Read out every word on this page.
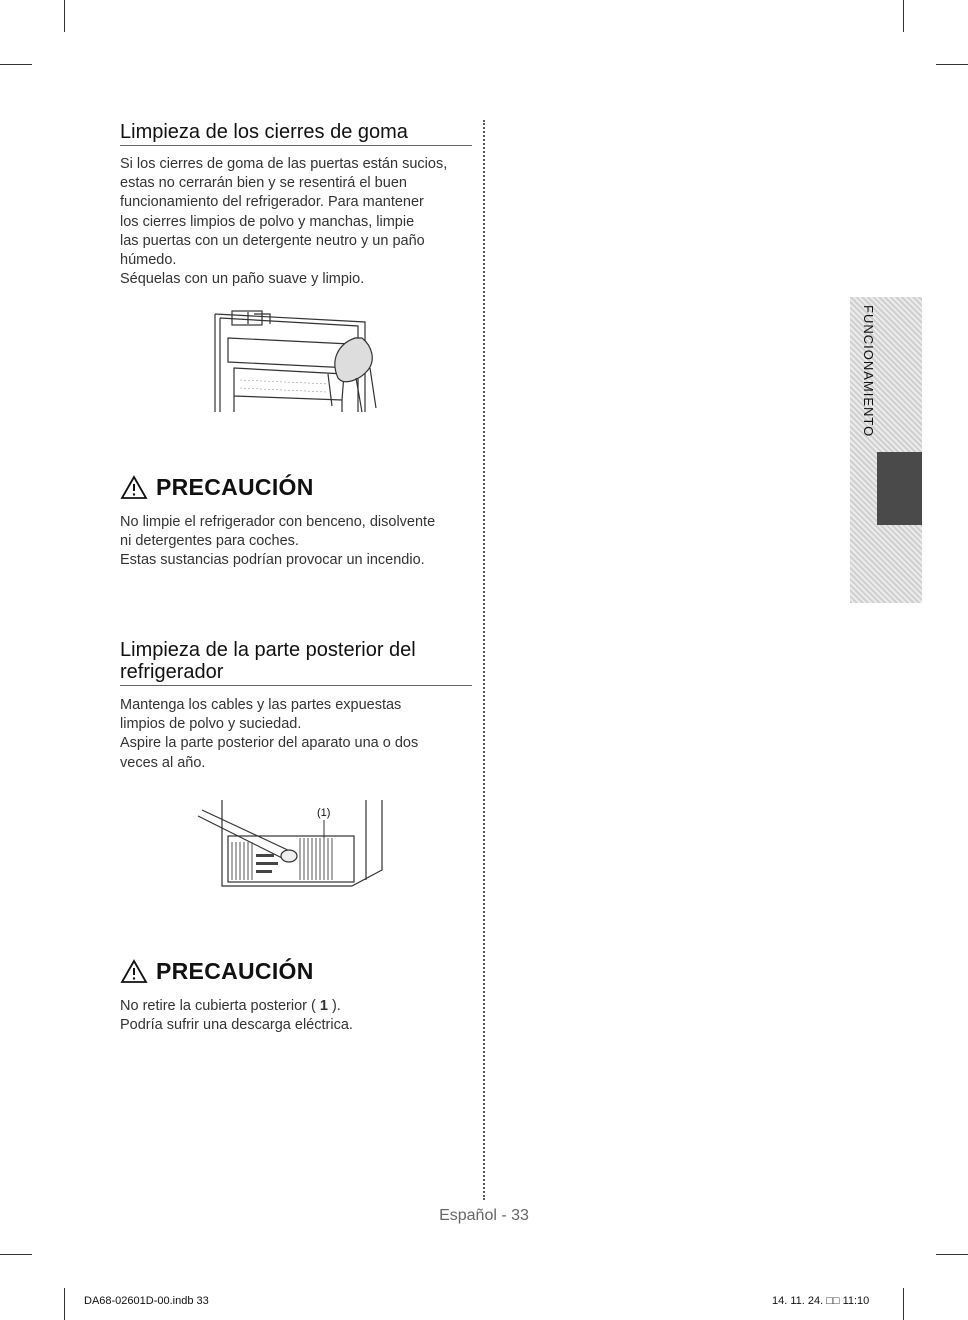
Limpieza de los cierres de goma

Si los cierres de goma de las puertas están sucios,

estas no cerrarán bien y se resentirá el buen

funcionamiento del refrigerador. Para mantener

los cierres limpios de polvo y manchas, limpie

las puertas con un detergente neutro y un paño

húmedo.

Séquelas con un paño suave y limpio.

PRECAUCIÓN

No limpie el refrigerador con benceno, disolvente

ni detergentes para coches.

Estas sustancias podrían provocar un incendio.

Limpieza de la parte posterior del
refrigerador

Mantenga los cables y las partes expuestas

limpios de polvo y suciedad.

Aspire la parte posterior del aparato una o dos

veces al año.

(1)
PRECAUCIÓN

No retire la cubierta posterior ( 1 ).

Podría sufrir una descarga eléctrica.

FUNCIONAMIENTO
Español - 33
DA68-02601D-00.indb 33	14. 11. 24. □□ 11:10
